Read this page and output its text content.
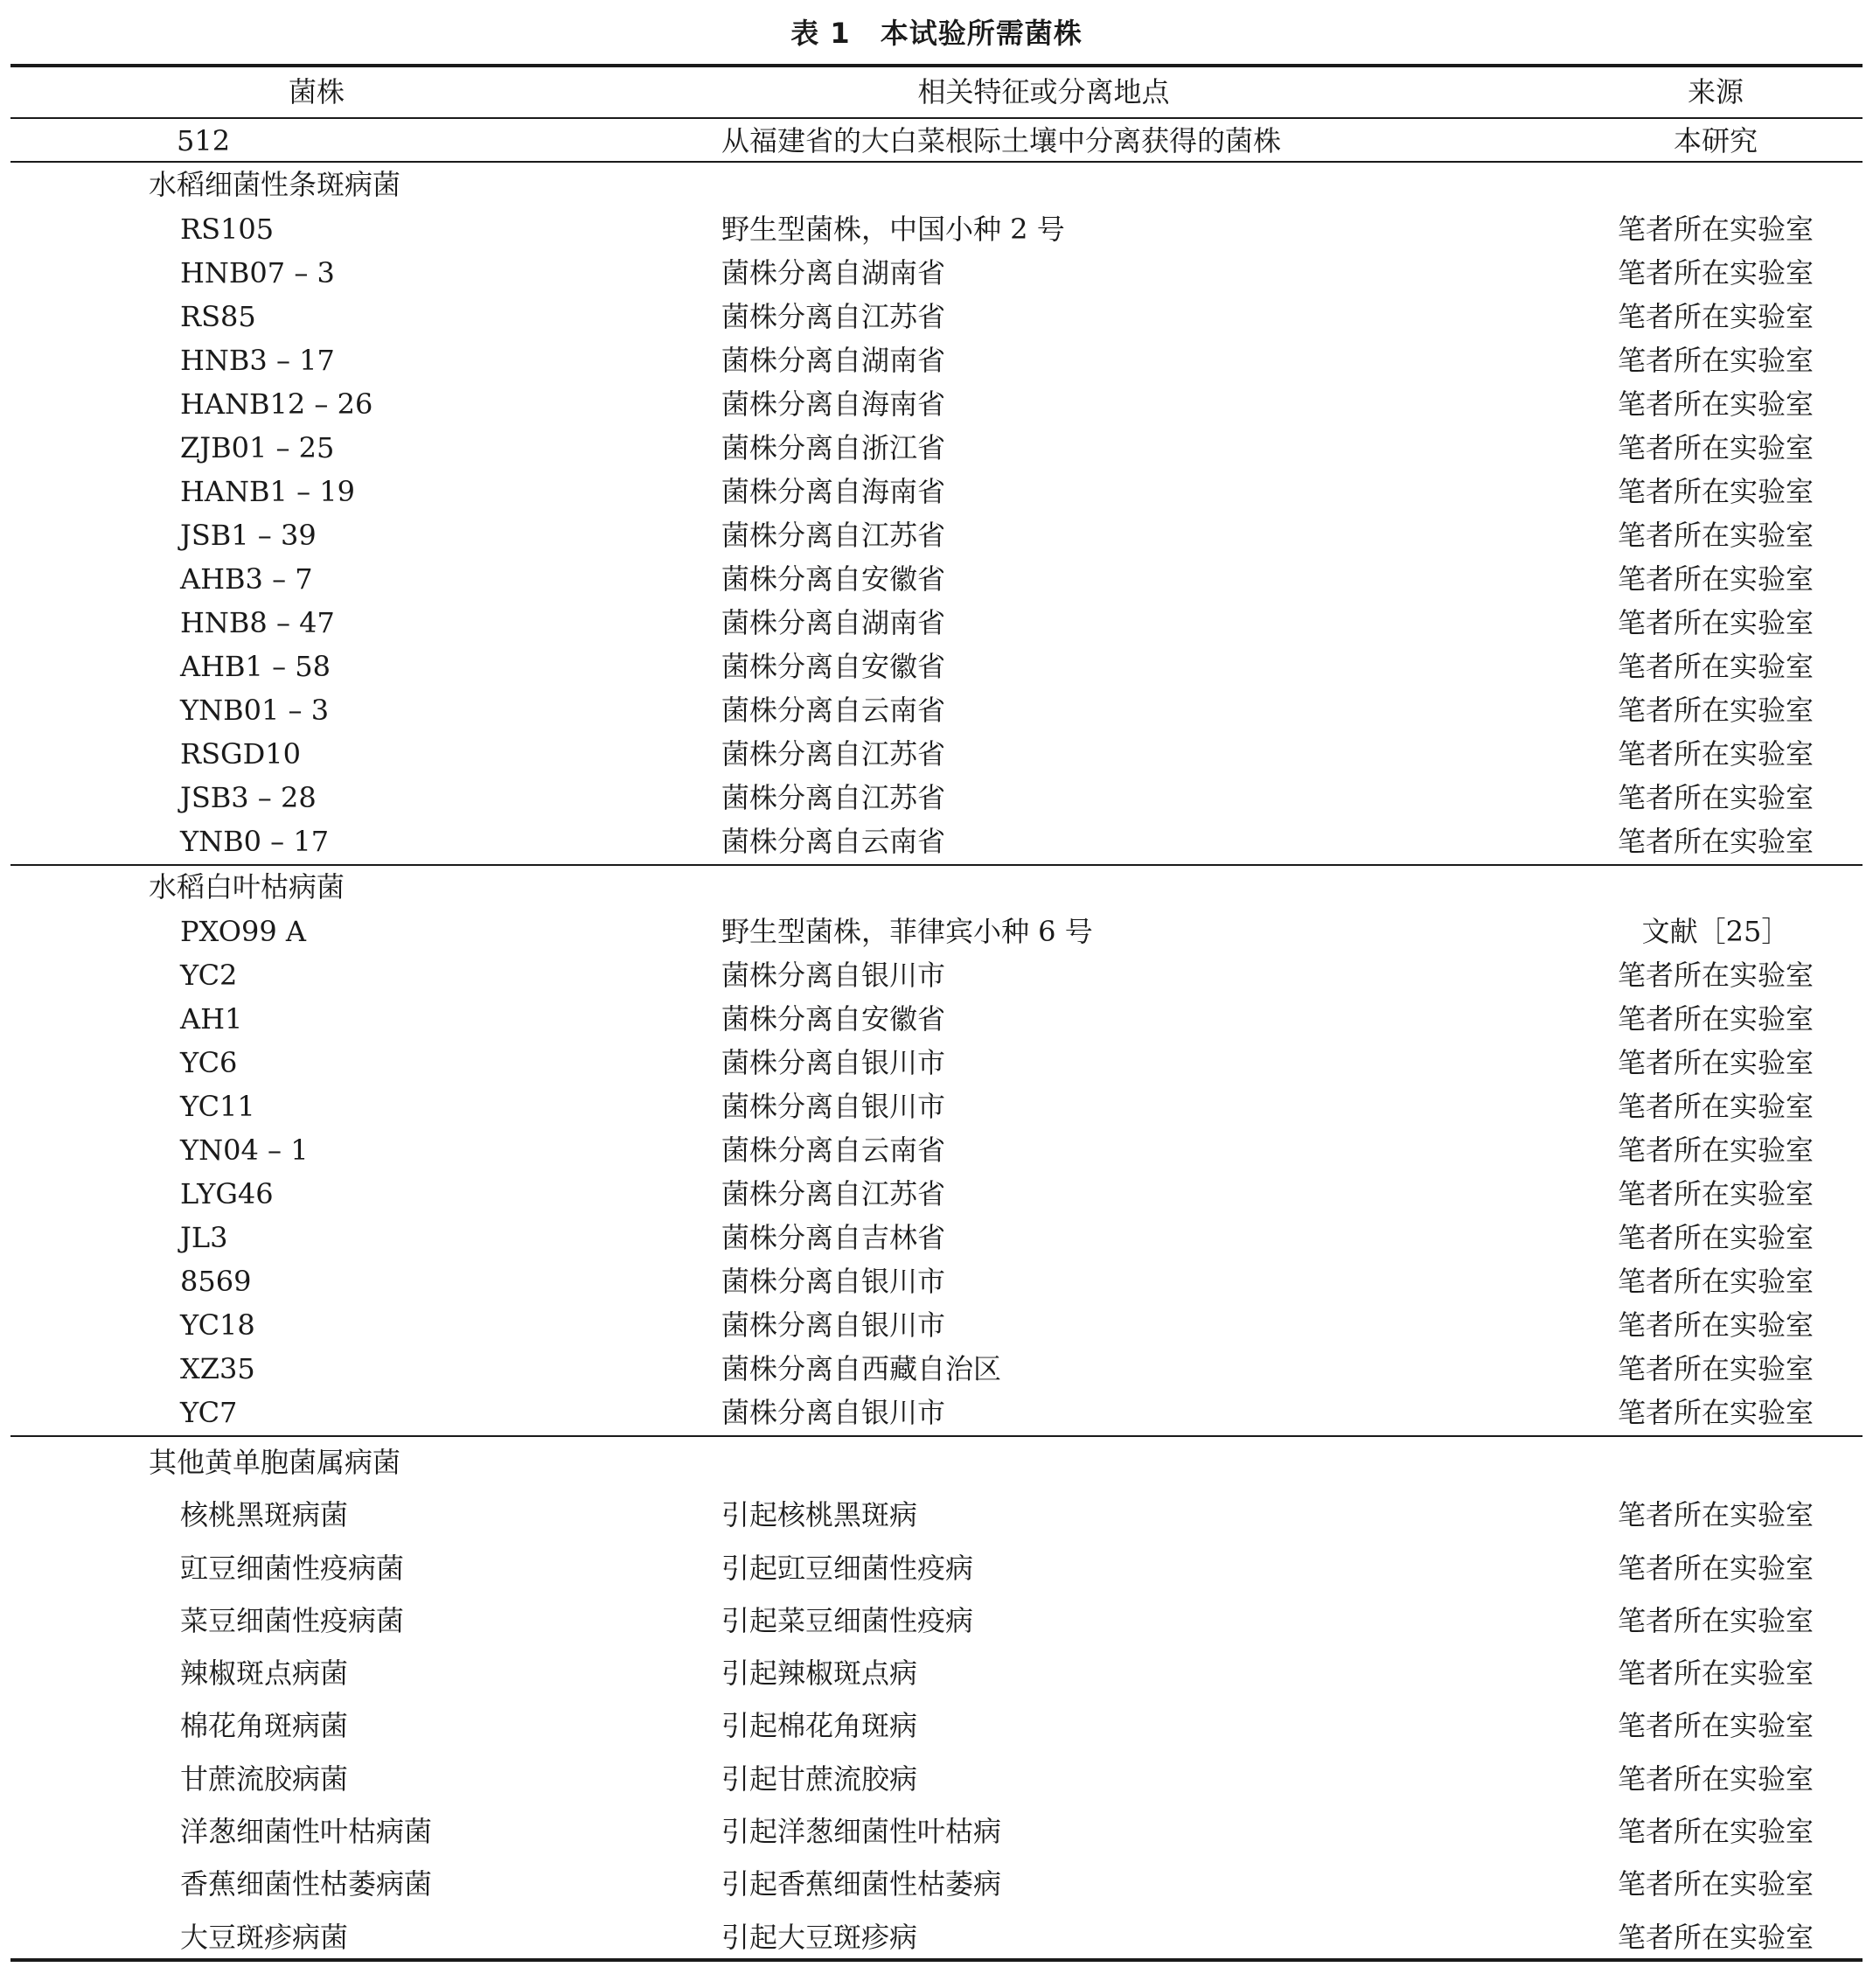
表 1 本试验所需菌株
菌株	相关特征或分离地点	来源
512	从福建省的大白菜根际土壤中分离获得的菌株	本研究
水稻细菌性条斑病菌
RS105	野生型菌株，中国小种 2 号	笔者所在实验室
HNB07 – 3	菌株分离自湖南省	笔者所在实验室
RS85	菌株分离自江苏省	笔者所在实验室
HNB3 – 17	菌株分离自湖南省	笔者所在实验室
HANB12 – 26	菌株分离自海南省	笔者所在实验室
ZJB01 – 25	菌株分离自浙江省	笔者所在实验室
HANB1 – 19	菌株分离自海南省	笔者所在实验室
JSB1 – 39	菌株分离自江苏省	笔者所在实验室
AHB3 – 7	菌株分离自安徽省	笔者所在实验室
HNB8 – 47	菌株分离自湖南省	笔者所在实验室
AHB1 – 58	菌株分离自安徽省	笔者所在实验室
YNB01 – 3	菌株分离自云南省	笔者所在实验室
RSGD10	菌株分离自江苏省	笔者所在实验室
JSB3 – 28	菌株分离自江苏省	笔者所在实验室
YNB0 – 17	菌株分离自云南省	笔者所在实验室
水稻白叶枯病菌
PXO99 A	野生型菌株，菲律宾小种 6 号	文献［25］
YC2	菌株分离自银川市	笔者所在实验室
AH1	菌株分离自安徽省	笔者所在实验室
YC6	菌株分离自银川市	笔者所在实验室
YC11	菌株分离自银川市	笔者所在实验室
YN04 – 1	菌株分离自云南省	笔者所在实验室
LYG46	菌株分离自江苏省	笔者所在实验室
JL3	菌株分离自吉林省	笔者所在实验室
8569	菌株分离自银川市	笔者所在实验室
YC18	菌株分离自银川市	笔者所在实验室
XZ35	菌株分离自西藏自治区	笔者所在实验室
YC7	菌株分离自银川市	笔者所在实验室
其他黄单胞菌属病菌
核桃黑斑病菌	引起核桃黑斑病	笔者所在实验室
豇豆细菌性疫病菌	引起豇豆细菌性疫病	笔者所在实验室
菜豆细菌性疫病菌	引起菜豆细菌性疫病	笔者所在实验室
辣椒斑点病菌	引起辣椒斑点病	笔者所在实验室
棉花角斑病菌	引起棉花角斑病	笔者所在实验室
甘蔗流胶病菌	引起甘蔗流胶病	笔者所在实验室
洋葱细菌性叶枯病菌	引起洋葱细菌性叶枯病	笔者所在实验室
香蕉细菌性枯萎病菌	引起香蕉细菌性枯萎病	笔者所在实验室
大豆斑疹病菌	引起大豆斑疹病	笔者所在实验室
